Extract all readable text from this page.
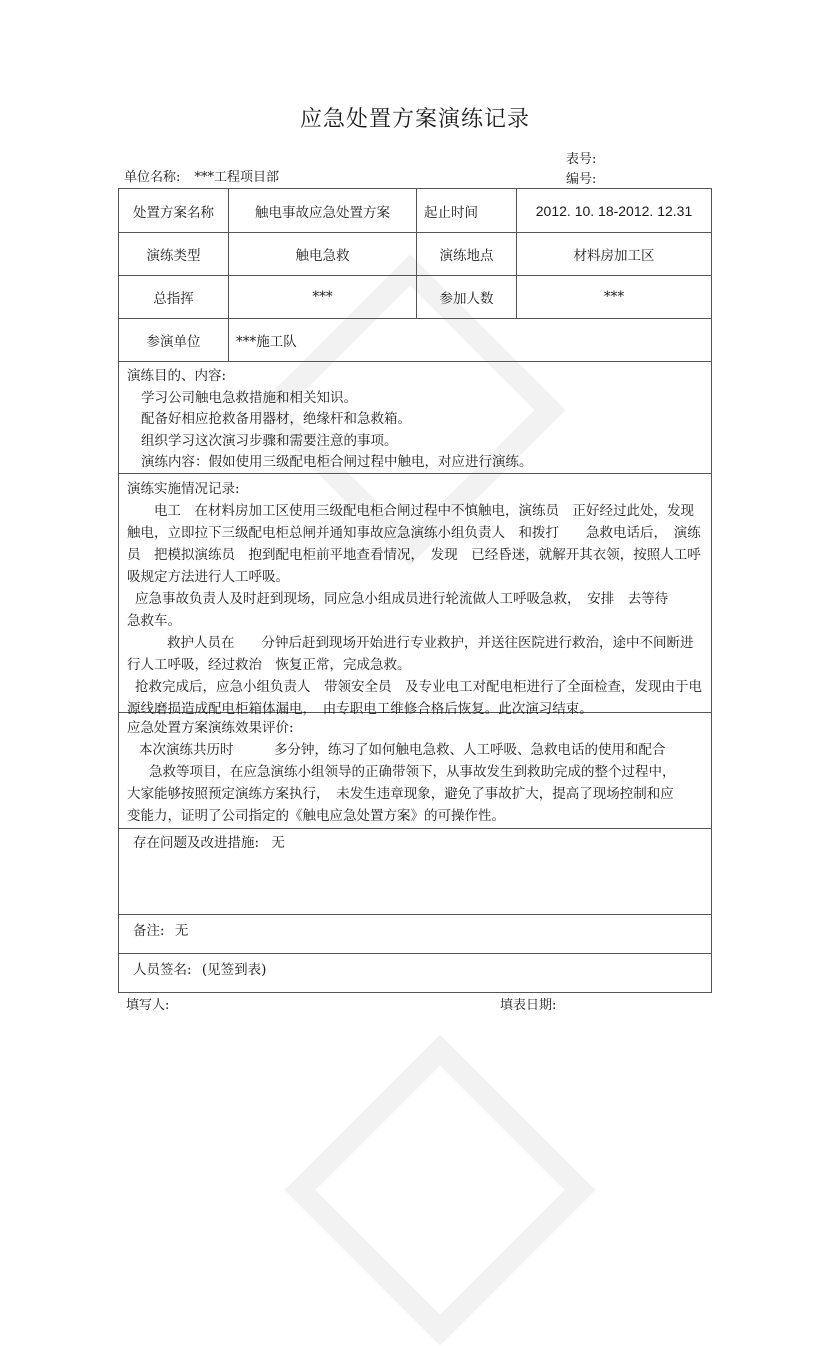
应急处置方案演练记录
表号:
编号:
单位名称: ***工程项目部
处置方案名称	触电事故应急处置方案	起止时间	2012. 10. 18-2012. 12.31
演练类型	触电急救	演练地点	材料房加工区
总指挥	***	参加人数	***
参演单位	***施工队

演练目的、内容:

学习公司触电急救措施和相关知识。

配备好相应抢救备用器材，绝缘杆和急救箱。

组织学习这次演习步骤和需要注意的事项。

演练内容：假如使用三级配电柜合闸过程中触电，对应进行演练。

演练实施情况记录:

电工　在材料房加工区使用三级配电柜合闸过程中不慎触电，演练员　正好经过此处，发现　触电，立即拉下三级配电柜总闸并通知事故应急演练小组负责人　和拨打　　急救电话后，　演练员　把模拟演练员　抱到配电柜前平地查看情况，　发现　已经昏迷，就解开其衣领，按照人工呼吸规定方法进行人工呼吸。

应急事故负责人及时赶到现场，同应急小组成员进行轮流做人工呼吸急救，　安排　去等待　　急救车。

救护人员在　　分钟后赶到现场开始进行专业救护，并送往医院进行救治，途中不间断进行人工呼吸，经过救治　恢复正常，完成急救。

抢救完成后，应急小组负责人　带领安全员　及专业电工对配电柜进行了全面检查，发现由于电源线磨损造成配电柜箱体漏电，　由专职电工维修合格后恢复。此次演习结束。

应急处置方案演练效果评价:

本次演练共历时　　　多分钟，练习了如何触电急救、人工呼吸、急救电话的使用和配合

急救等项目，在应急演练小组领导的正确带领下，从事故发生到救助完成的整个过程中，

大家能够按照预定演练方案执行，　未发生违章现象，避免了事故扩大，提高了现场控制和应

变能力，证明了公司指定的《触电应急处置方案》的可操作性。

存在问题及改进措施: 无
备注: 无
人员签名: (见签到表)
填写人:	填表日期:
